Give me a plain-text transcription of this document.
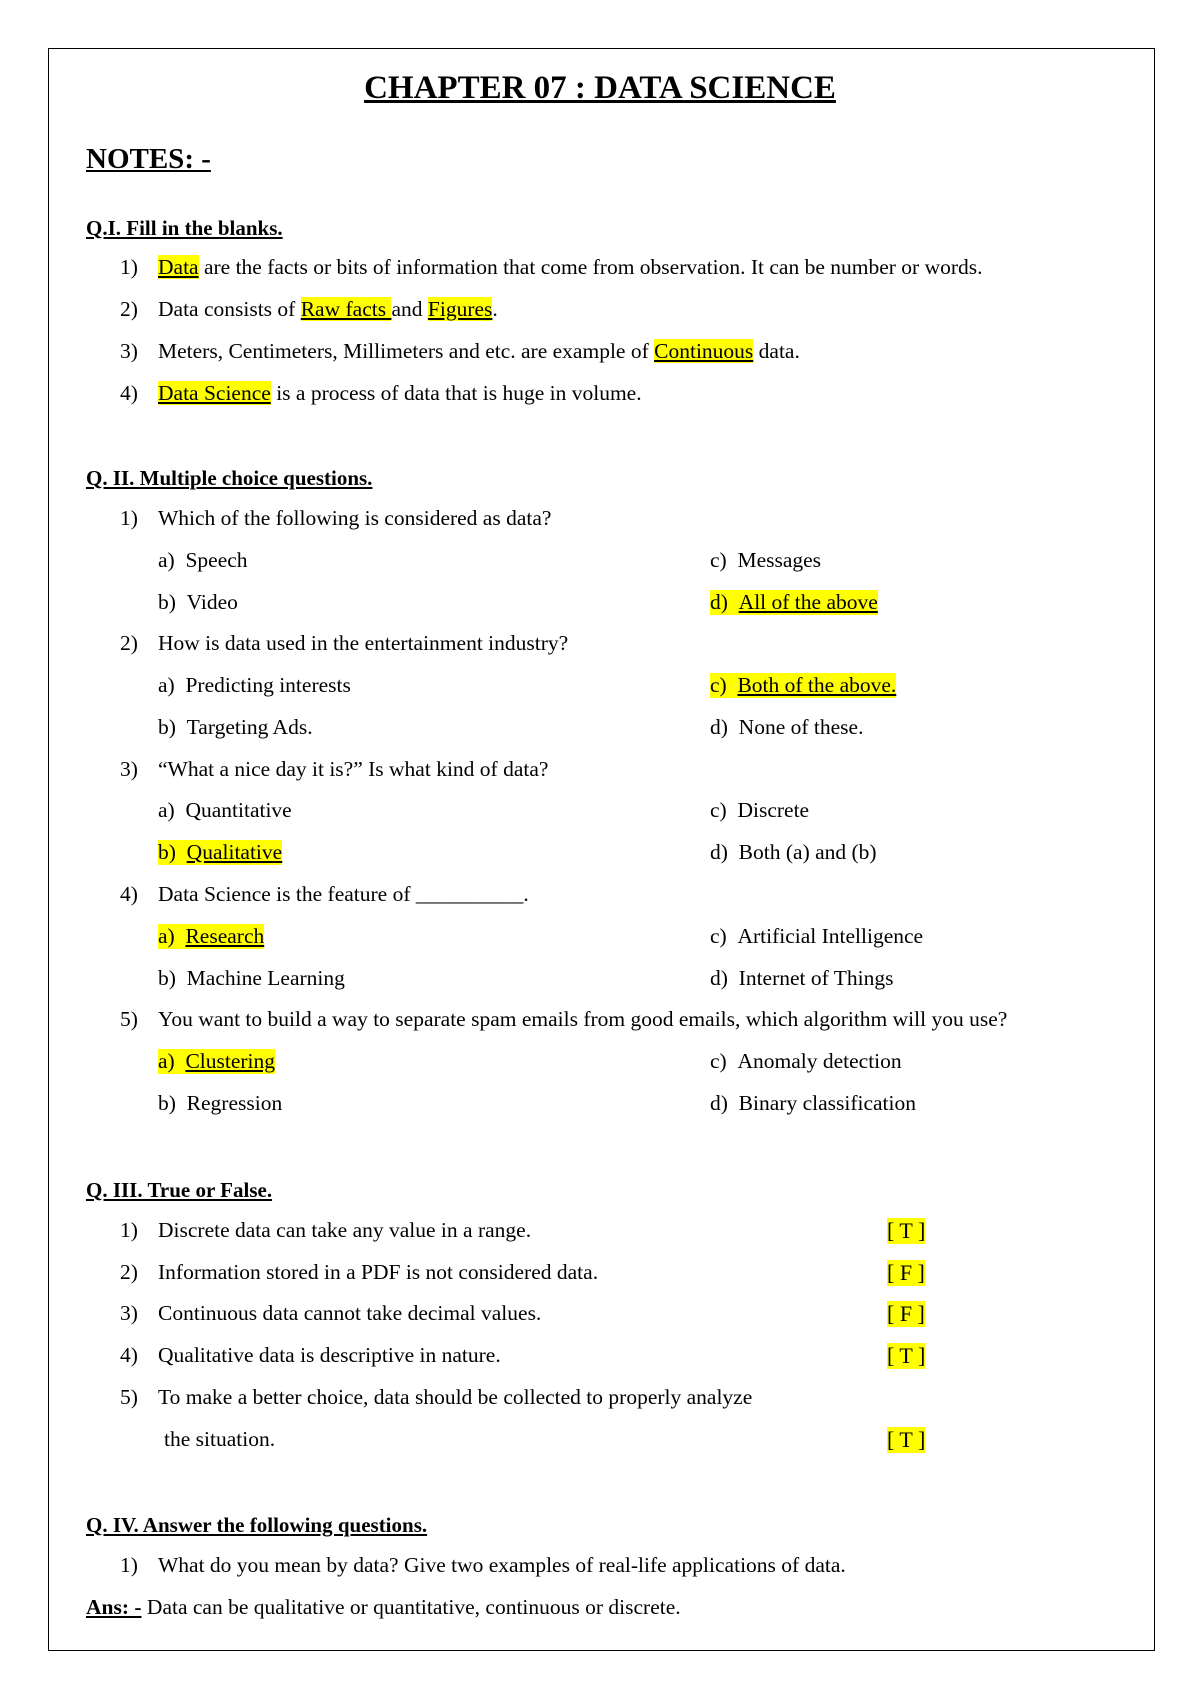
CHAPTER 07 : DATA SCIENCE
NOTES: -
Q.I. Fill in the blanks.
1) Data are the facts or bits of information that come from observation. It can be number or words.
2) Data consists of Raw facts and Figures.
3) Meters, Centimeters, Millimeters and etc. are example of Continuous data.
4) Data Science is a process of data that is huge in volume.
Q. II. Multiple choice questions.
1) Which of the following is considered as data?
a) Speech	c) Messages
b) Video	d) All of the above
2) How is data used in the entertainment industry?
a) Predicting interests	c) Both of the above.
b) Targeting Ads.	d) None of these.
3) “What a nice day it is?” Is what kind of data?
a) Quantitative	c) Discrete
b) Qualitative	d) Both (a) and (b)
4) Data Science is the feature of __________.
a) Research	c) Artificial Intelligence
b) Machine Learning	d) Internet of Things
5) You want to build a way to separate spam emails from good emails, which algorithm will you use?
a) Clustering	c) Anomaly detection
b) Regression	d) Binary classification
Q. III. True or False.
1) Discrete data can take any value in a range.	[ T ]
2) Information stored in a PDF is not considered data.	[ F ]
3) Continuous data cannot take decimal values.	[ F ]
4) Qualitative data is descriptive in nature.	[ T ]
5) To make a better choice, data should be collected to properly analyze
the situation.	[ T ]
Q. IV. Answer the following questions.
1) What do you mean by data? Give two examples of real-life applications of data.
Ans: - Data can be qualitative or quantitative, continuous or discrete.
